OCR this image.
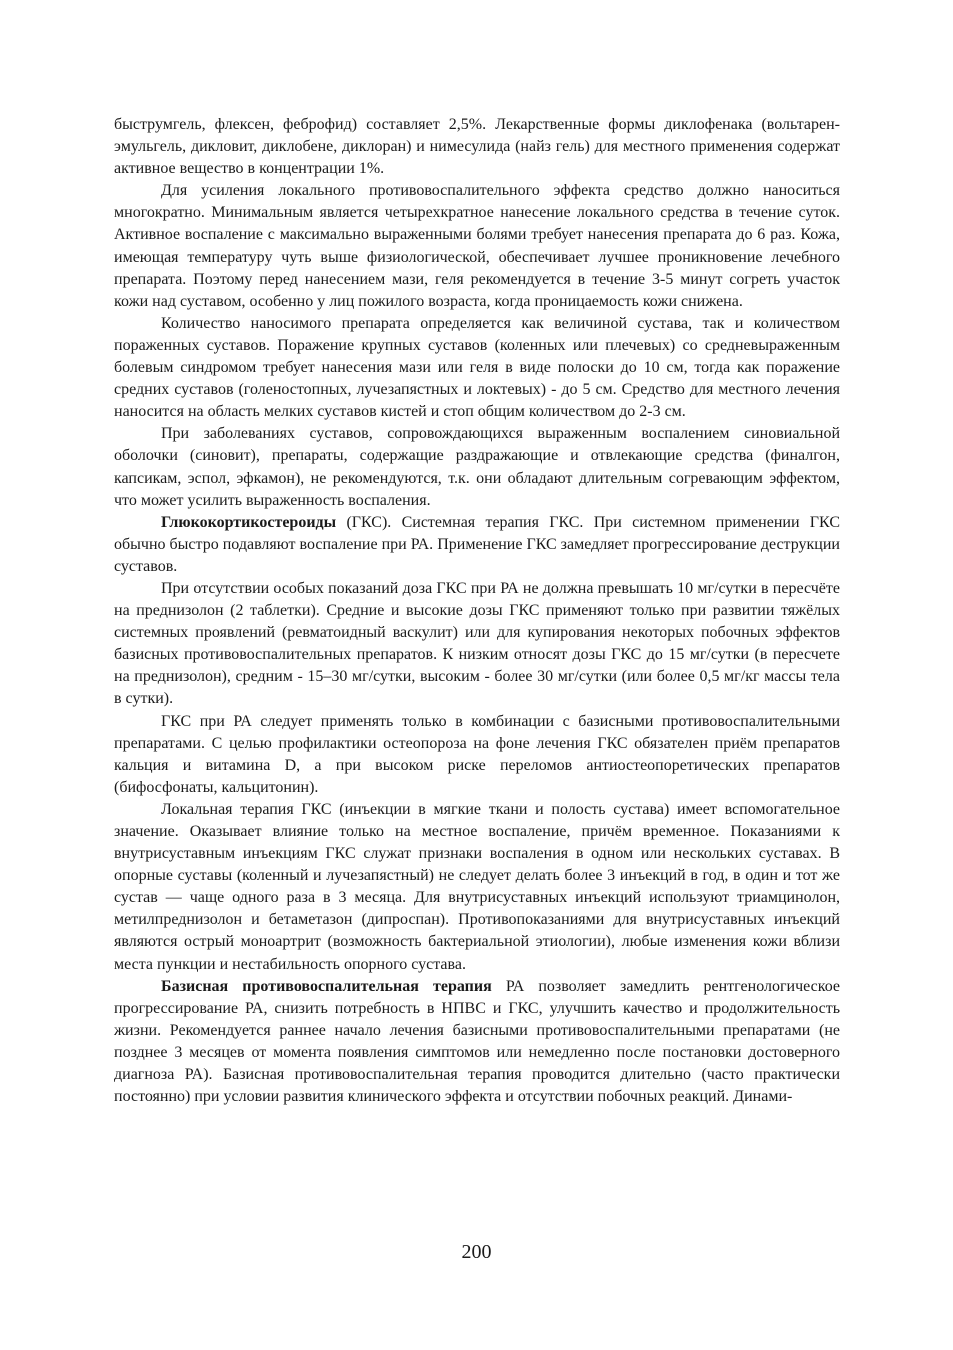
быструмгель, флексен, феброфид) составляет 2,5%. Лекарственные формы диклофенака (вольтарен-эмульгель, дикловит, диклобене, диклоран) и нимесулида (найз гель) для местного применения содержат активное вещество в концентрации 1%.

Для усиления локального противовоспалительного эффекта средство должно наноситься многократно. Минимальным является четырехкратное нанесение локального средства в течение суток. Активное воспаление с максимально выраженными болями требует нанесения препарата до 6 раз. Кожа, имеющая температуру чуть выше физиологической, обеспечивает лучшее проникновение лечебного препарата. Поэтому перед нанесением мази, геля рекомендуется в течение 3-5 минут согреть участок кожи над суставом, особенно у лиц пожилого возраста, когда проницаемость кожи снижена.

Количество наносимого препарата определяется как величиной сустава, так и количеством пораженных суставов. Поражение крупных суставов (коленных или плечевых) со средневыраженным болевым синдромом требует нанесения мази или геля в виде полоски до 10 см, тогда как поражение средних суставов (голеностопных, лучезапястных и локтевых) - до 5 см. Средство для местного лечения наносится на область мелких суставов кистей и стоп общим количеством до 2-3 см.

При заболеваниях суставов, сопровождающихся выраженным воспалением синовиальной оболочки (синовит), препараты, содержащие раздражающие и отвлекающие средства (финалгон, капсикам, эспол, эфкамон), не рекомендуются, т.к. они обладают длительным согревающим эффектом, что может усилить выраженность воспаления.

Глюкокортикостероиды (ГКС). Системная терапия ГКС. При системном применении ГКС обычно быстро подавляют воспаление при РА. Применение ГКС замедляет прогрессирование деструкции суставов.

При отсутствии особых показаний доза ГКС при РА не должна превышать 10 мг/сутки в пересчёте на преднизолон (2 таблетки). Средние и высокие дозы ГКС применяют только при развитии тяжёлых системных проявлений (ревматоидный васкулит) или для купирования некоторых побочных эффектов базисных противовоспалительных препаратов. К низким относят дозы ГКС до 15 мг/сутки (в пересчете на преднизолон), средним - 15–30 мг/сутки, высоким - более 30 мг/сутки (или более 0,5 мг/кг массы тела в сутки).

ГКС при РА следует применять только в комбинации с базисными противовоспалительными препаратами. С целью профилактики остеопороза на фоне лечения ГКС обязателен приём препаратов кальция и витамина D, а при высоком риске переломов антиостеопоретических препаратов (бифосфонаты, кальцитонин).

Локальная терапия ГКС (инъекции в мягкие ткани и полость сустава) имеет вспомогательное значение. Оказывает влияние только на местное воспаление, причём временное. Показаниями к внутрисуставным инъекциям ГКС служат признаки воспаления в одном или нескольких суставах. В опорные суставы (коленный и лучезапястный) не следует делать более 3 инъекций в год, в один и тот же сустав — чаще одного раза в 3 месяца. Для внутрисуставных инъекций используют триамцинолон, метилпреднизолон и бетаметазон (дипроспан). Противопоказаниями для внутрисуставных инъекций являются острый моноартрит (возможность бактериальной этиологии), любые изменения кожи вблизи места пункции и нестабильность опорного сустава.

Базисная противовоспалительная терапия РА позволяет замедлить рентгенологическое прогрессирование РА, снизить потребность в НПВС и ГКС, улучшить качество и продолжительность жизни. Рекомендуется раннее начало лечения базисными противовоспалительными препаратами (не позднее 3 месяцев от момента появления симптомов или немедленно после постановки достоверного диагноза РА). Базисная противовоспалительная терапия проводится длительно (часто практически постоянно) при условии развития клинического эффекта и отсутствии побочных реакций. Динами-

200
